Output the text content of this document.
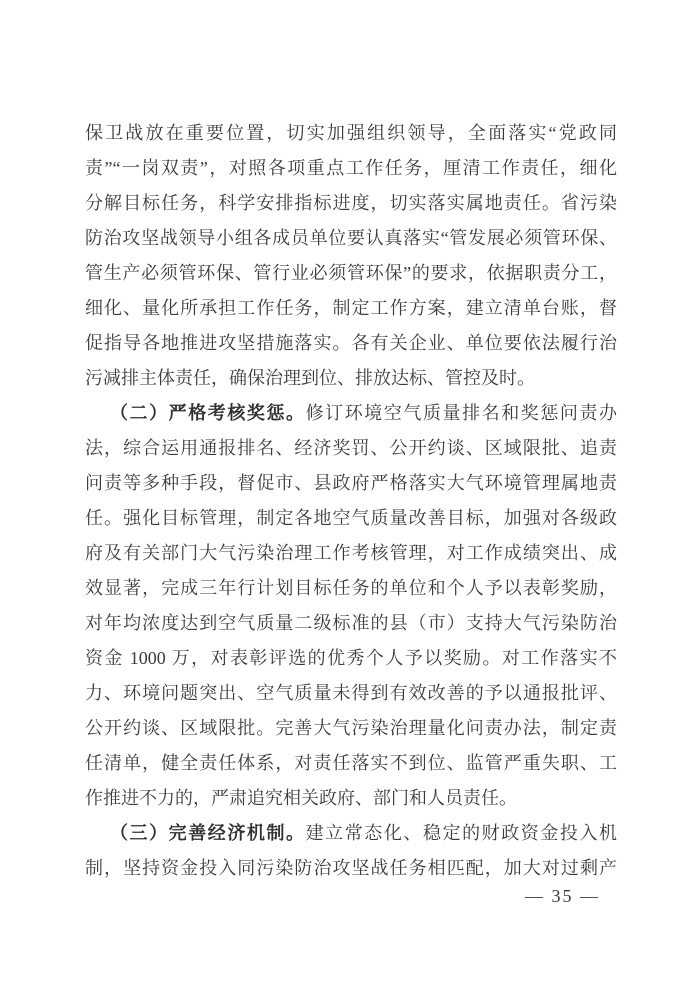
保卫战放在重要位置，切实加强组织领导，全面落实“党政同
责”“一岗双责”，对照各项重点工作任务，厘清工作责任，细化
分解目标任务，科学安排指标进度，切实落实属地责任。省污染
防治攻坚战领导小组各成员单位要认真落实“管发展必须管环保、
管生产必须管环保、管行业必须管环保”的要求，依据职责分工，
细化、量化所承担工作任务，制定工作方案，建立清单台账，督
促指导各地推进攻坚措施落实。各有关企业、单位要依法履行治
污减排主体责任，确保治理到位、排放达标、管控及时。
（二）严格考核奖惩。修订环境空气质量排名和奖惩问责办
法，综合运用通报排名、经济奖罚、公开约谈、区域限批、追责
问责等多种手段，督促市、县政府严格落实大气环境管理属地责
任。强化目标管理，制定各地空气质量改善目标，加强对各级政
府及有关部门大气污染治理工作考核管理，对工作成绩突出、成
效显著，完成三年行计划目标任务的单位和个人予以表彰奖励，
对年均浓度达到空气质量二级标准的县（市）支持大气污染防治
资金 1000 万，对表彰评选的优秀个人予以奖励。对工作落实不
力、环境问题突出、空气质量未得到有效改善的予以通报批评、
公开约谈、区域限批。完善大气污染治理量化问责办法，制定责
任清单，健全责任体系，对责任落实不到位、监管严重失职、工
作推进不力的，严肃追究相关政府、部门和人员责任。
（三）完善经济机制。建立常态化、稳定的财政资金投入机
制，坚持资金投入同污染防治攻坚战任务相匹配，加大对过剩产
— 35 —
